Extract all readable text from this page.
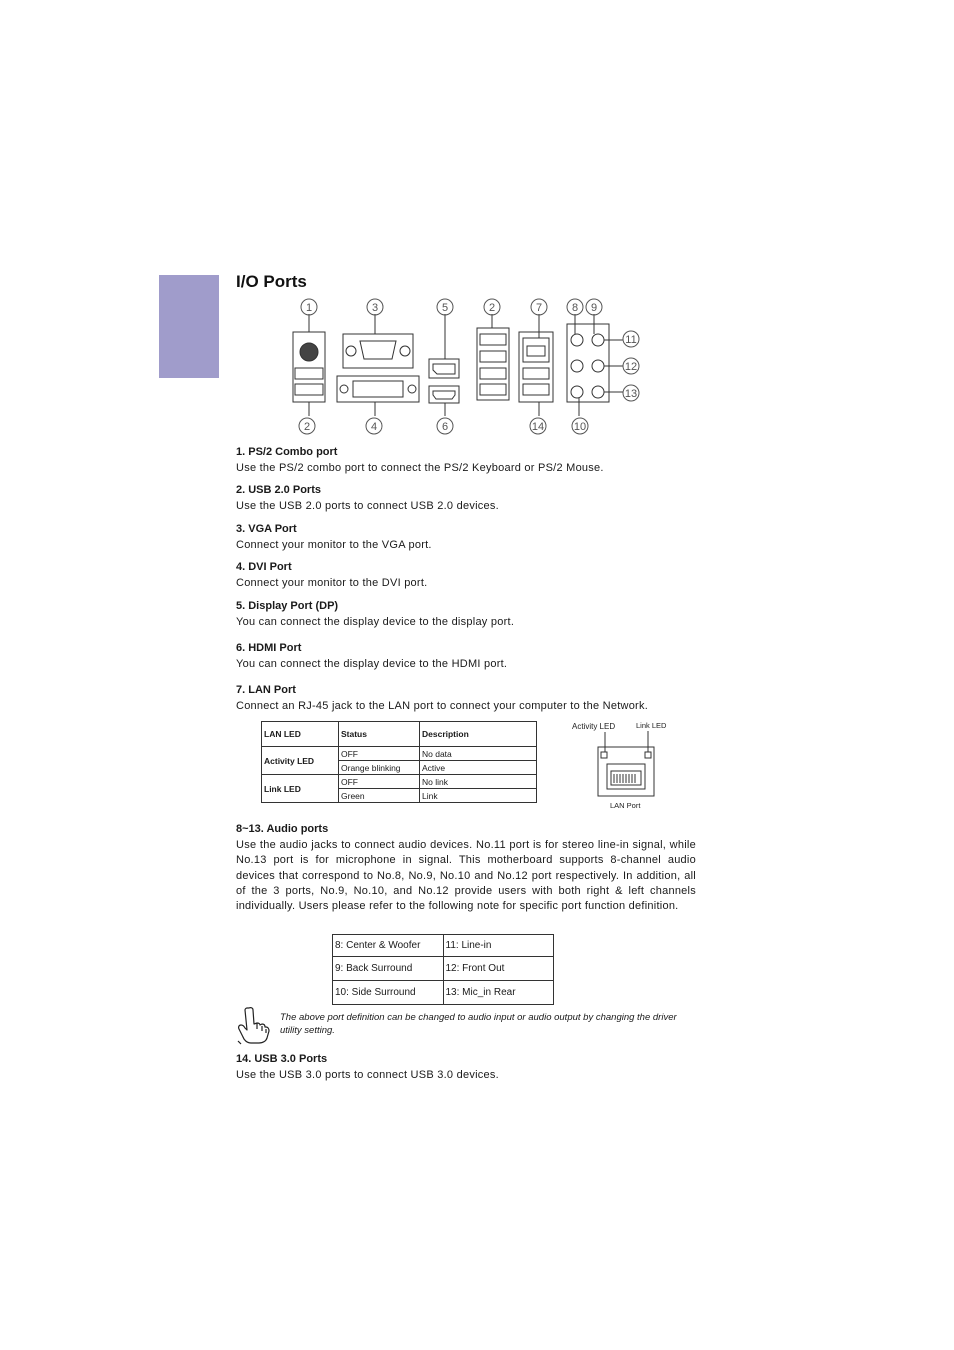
I/O Ports
1	3	5	2	7	8 9
2	4	6	14	10
11
12
13
1. PS/2 Combo port

Use the PS/2 combo port to connect the PS/2 Keyboard or PS/2 Mouse.

2. USB 2.0 Ports

Use the USB 2.0 ports to connect USB 2.0 devices.

3. VGA Port

Connect your monitor to the VGA port.

4. DVI Port

Connect your monitor to the DVI port.

5. Display Port (DP)

You can connect the display device to the display port.

6. HDMI Port

You can connect the display device to the HDMI port.

7. LAN Port

Connect an RJ-45 jack to the LAN port to connect your computer to the Network.

LAN LED	Status	Description
Activity LED	OFF	No data
	Orange blinking	Active
Link LED	OFF	No link
	Green	Link
Activity LED	Link LED
LAN Port
8~13. Audio ports

Use the audio jacks to connect audio devices. No.11 port is for stereo line-in signal, while No.13 port is for microphone in signal. This motherboard supports 8-channel audio devices that correspond to No.8, No.9, No.10 and No.12 port respectively. In addition, all of the 3 ports, No.9, No.10, and No.12 provide users with both right & left channels individually. Users please refer to the following note for specific port function definition.

8: Center & Woofer	11: Line-in
9: Back Surround	12: Front Out
10: Side Surround	13: Mic_in Rear

The above port definition can be changed to audio input or audio output by changing the driver utility setting.

14. USB 3.0 Ports

Use the USB 3.0 ports to connect USB 3.0 devices.
